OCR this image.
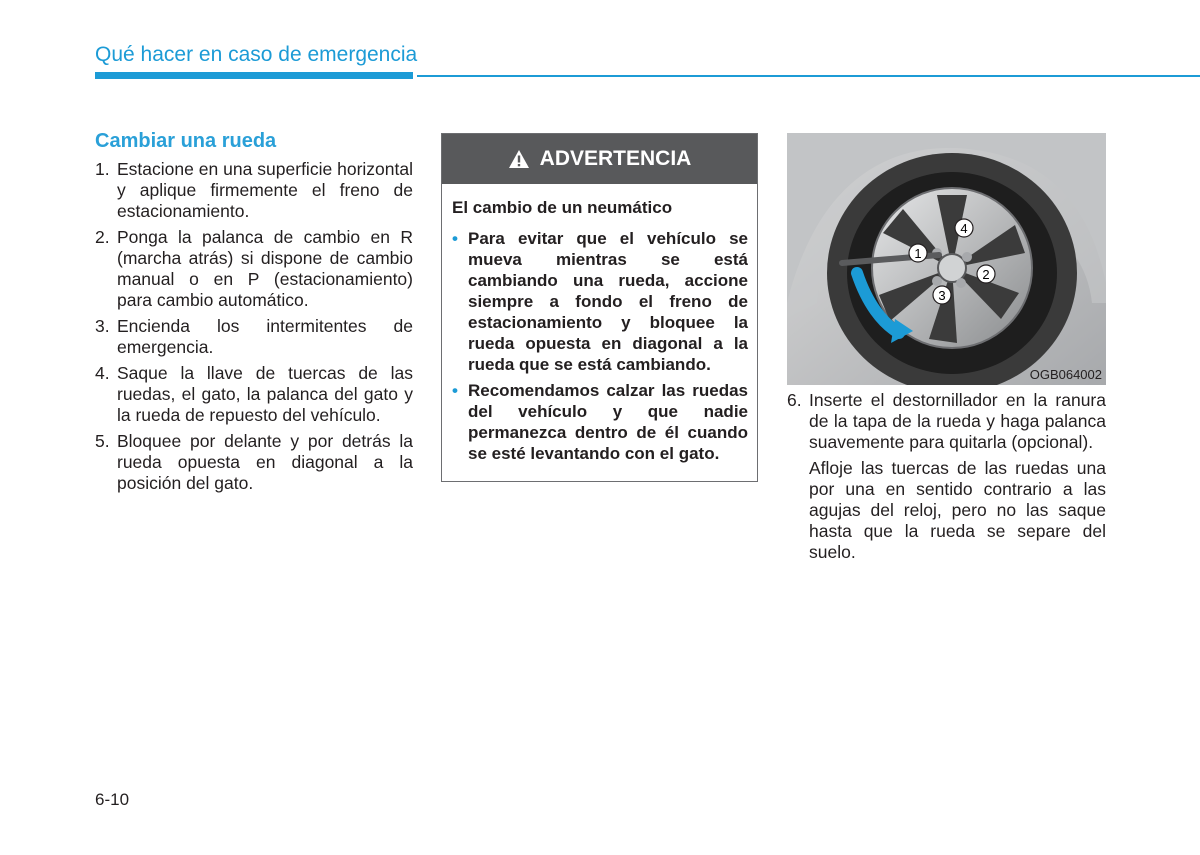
Qué hacer en caso de emergencia
Cambiar una rueda
1. Estacione en una superficie horizontal y aplique firmemente el freno de estacionamiento.
2. Ponga la palanca de cambio en R (marcha atrás) si dispone de cambio manual o en P (estacionamiento) para cambio automático.
3. Encienda los intermitentes de emergencia.
4. Saque la llave de tuercas de las ruedas, el gato, la palanca del gato y la rueda de repuesto del vehículo.
5. Bloquee por delante y por detrás la rueda opuesta en diagonal a la posición del gato.
ADVERTENCIA
El cambio de un neumático
• Para evitar que el vehículo se mueva mientras se está cambiando una rueda, accione siempre a fondo el freno de estacionamiento y bloquee la rueda opuesta en diagonal a la rueda que se está cambiando.
• Recomendamos calzar las ruedas del vehículo y que nadie permanezca dentro de él cuando se esté levantando con el gato.
1
2
3
4
OGB064002
6. Inserte el destornillador en la ranura de la tapa de la rueda y haga palanca suavemente para quitarla (opcional).
Afloje las tuercas de las ruedas una por una en sentido contrario a las agujas del reloj, pero no las saque hasta que la rueda se separe del suelo.
6-10
